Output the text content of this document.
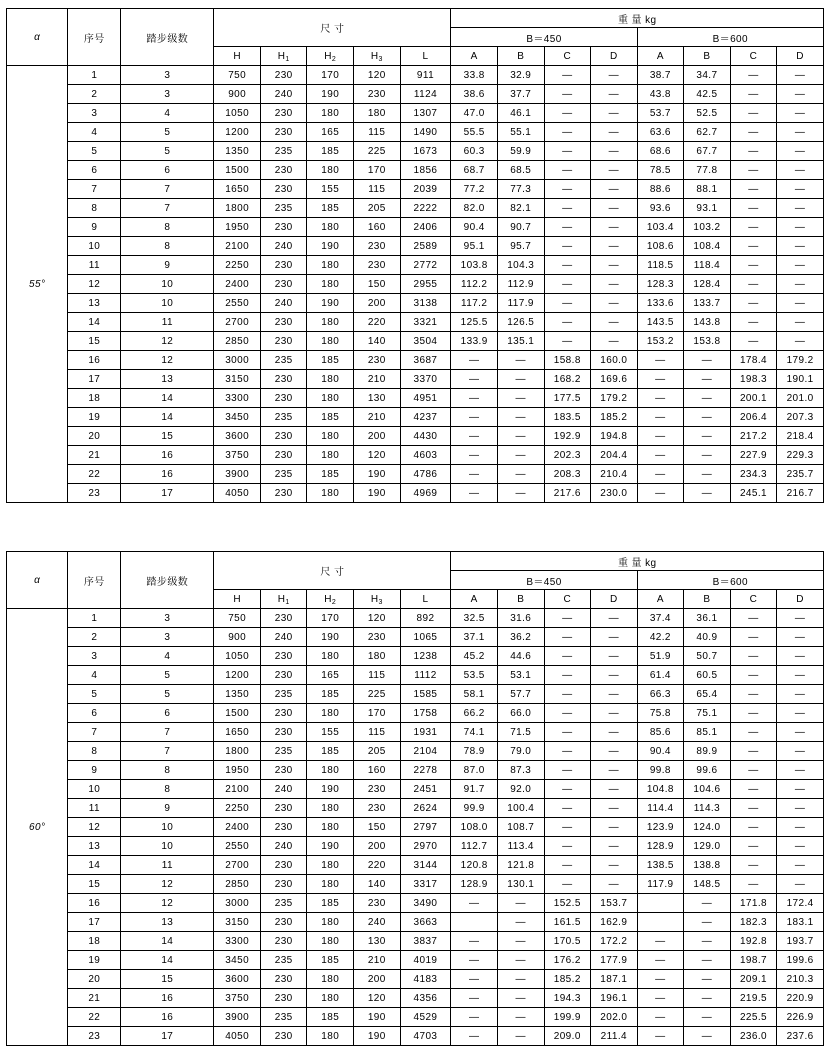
α	序号	踏步级数	尺 寸					重 量 kg							
								B＝450				B＝600			
			H	$H_1$	$H_2$	$H_3$	L	A	B	C	D	A	B	C	D
55°	1	3	750	230	170	120	911	33.8	32.9	—	—	38.7	34.7	—	—
	2	3	900	240	190	230	1124	38.6	37.7	—	—	43.8	42.5	—	—
	3	4	1050	230	180	180	1307	47.0	46.1	—	—	53.7	52.5	—	—
	4	5	1200	230	165	115	1490	55.5	55.1	—	—	63.6	62.7	—	—
	5	5	1350	235	185	225	1673	60.3	59.9	—	—	68.6	67.7	—	—
	6	6	1500	230	180	170	1856	68.7	68.5	—	—	78.5	77.8	—	—
	7	7	1650	230	155	115	2039	77.2	77.3	—	—	88.6	88.1	—	—
	8	7	1800	235	185	205	2222	82.0	82.1	—	—	93.6	93.1	—	—
	9	8	1950	230	180	160	2406	90.4	90.7	—	—	103.4	103.2	—	—
	10	8	2100	240	190	230	2589	95.1	95.7	—	—	108.6	108.4	—	—
	11	9	2250	230	180	230	2772	103.8	104.3	—	—	118.5	118.4	—	—
	12	10	2400	230	180	150	2955	112.2	112.9	—	—	128.3	128.4	—	—
	13	10	2550	240	190	200	3138	117.2	117.9	—	—	133.6	133.7	—	—
	14	11	2700	230	180	220	3321	125.5	126.5	—	—	143.5	143.8	—	—
	15	12	2850	230	180	140	3504	133.9	135.1	—	—	153.2	153.8	—	—
	16	12	3000	235	185	230	3687	—	—	158.8	160.0	—	—	178.4	179.2
	17	13	3150	230	180	210	3370	—	—	168.2	169.6	—	—	198.3	190.1
	18	14	3300	230	180	130	4951	—	—	177.5	179.2	—	—	200.1	201.0
	19	14	3450	235	185	210	4237	—	—	183.5	185.2	—	—	206.4	207.3
	20	15	3600	230	180	200	4430	—	—	192.9	194.8	—	—	217.2	218.4
	21	16	3750	230	180	120	4603	—	—	202.3	204.4	—	—	227.9	229.3
	22	16	3900	235	185	190	4786	—	—	208.3	210.4	—	—	234.3	235.7
	23	17	4050	230	180	190	4969	—	—	217.6	230.0	—	—	245.1	216.7
α	序号	踏步级数	尺 寸					重 量 kg							
								B＝450				B＝600			
			H	$H_1$	$H_2$	$H_3$	L	A	B	C	D	A	B	C	D
60°	1	3	750	230	170	120	892	32.5	31.6	—	—	37.4	36.1	—	—
	2	3	900	240	190	230	1065	37.1	36.2	—	—	42.2	40.9	—	—
	3	4	1050	230	180	180	1238	45.2	44.6	—	—	51.9	50.7	—	—
	4	5	1200	230	165	115	1112	53.5	53.1	—	—	61.4	60.5	—	—
	5	5	1350	235	185	225	1585	58.1	57.7	—	—	66.3	65.4	—	—
	6	6	1500	230	180	170	1758	66.2	66.0	—	—	75.8	75.1	—	—
	7	7	1650	230	155	115	1931	74.1	71.5	—	—	85.6	85.1	—	—
	8	7	1800	235	185	205	2104	78.9	79.0	—	—	90.4	89.9	—	—
	9	8	1950	230	180	160	2278	87.0	87.3	—	—	99.8	99.6	—	—
	10	8	2100	240	190	230	2451	91.7	92.0	—	—	104.8	104.6	—	—
	11	9	2250	230	180	230	2624	99.9	100.4	—	—	114.4	114.3	—	—
	12	10	2400	230	180	150	2797	108.0	108.7	—	—	123.9	124.0	—	—
	13	10	2550	240	190	200	2970	112.7	113.4	—	—	128.9	129.0	—	—
	14	11	2700	230	180	220	3144	120.8	121.8	—	—	138.5	138.8	—	—
	15	12	2850	230	180	140	3317	128.9	130.1	—	—	117.9	148.5	—	—
	16	12	3000	235	185	230	3490	—	—	152.5	153.7		—	171.8	172.4
	17	13	3150	230	180	240	3663		—	161.5	162.9		—	182.3	183.1
	18	14	3300	230	180	130	3837	—	—	170.5	172.2	—	—	192.8	193.7
	19	14	3450	235	185	210	4019	—	—	176.2	177.9	—	—	198.7	199.6
	20	15	3600	230	180	200	4183	—	—	185.2	187.1	—	—	209.1	210.3
	21	16	3750	230	180	120	4356	—	—	194.3	196.1	—	—	219.5	220.9
	22	16	3900	235	185	190	4529	—	—	199.9	202.0	—	—	225.5	226.9
	23	17	4050	230	180	190	4703	—	—	209.0	211.4	—	—	236.0	237.6
